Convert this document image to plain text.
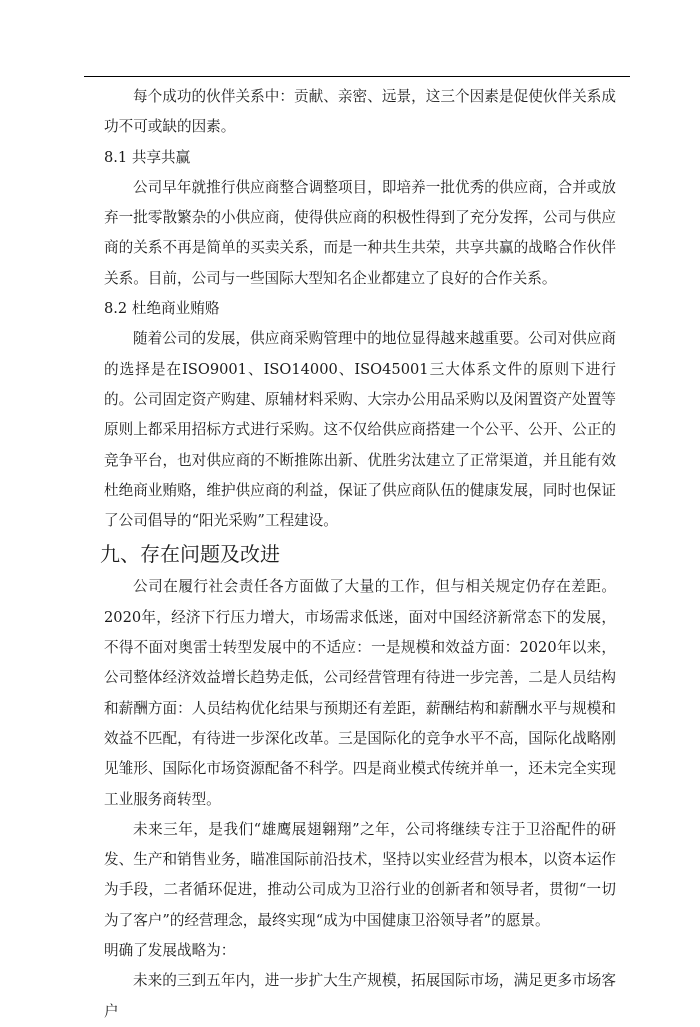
每个成功的伙伴关系中：贡献、亲密、远景，这三个因素是促使伙伴关系成功不可或缺的因素。

8.1 共享共赢

公司早年就推行供应商整合调整项目，即培养一批优秀的供应商，合并或放弃一批零散繁杂的小供应商，使得供应商的积极性得到了充分发挥，公司与供应商的关系不再是简单的买卖关系，而是一种共生共荣，共享共赢的战略合作伙伴关系。目前，公司与一些国际大型知名企业都建立了良好的合作关系。

8.2 杜绝商业贿赂

随着公司的发展，供应商采购管理中的地位显得越来越重要。公司对供应商的选择是在ISO9001、ISO14000、ISO45001三大体系文件的原则下进行的。公司固定资产购建、原辅材料采购、大宗办公用品采购以及闲置资产处置等原则上都采用招标方式进行采购。这不仅给供应商搭建一个公平、公开、公正的竞争平台，也对供应商的不断推陈出新、优胜劣汰建立了正常渠道，并且能有效杜绝商业贿赂，维护供应商的利益，保证了供应商队伍的健康发展，同时也保证了公司倡导的“阳光采购”工程建设。

九、存在问题及改进

公司在履行社会责任各方面做了大量的工作，但与相关规定仍存在差距。2020年，经济下行压力增大，市场需求低迷，面对中国经济新常态下的发展，不得不面对奥雷士转型发展中的不适应：一是规模和效益方面：2020年以来，公司整体经济效益增长趋势走低，公司经营管理有待进一步完善，二是人员结构和薪酬方面：人员结构优化结果与预期还有差距，薪酬结构和薪酬水平与规模和效益不匹配，有待进一步深化改革。三是国际化的竞争水平不高，国际化战略刚见雏形、国际化市场资源配备不科学。四是商业模式传统并单一，还未完全实现工业服务商转型。

未来三年，是我们“雄鹰展翅翱翔”之年，公司将继续专注于卫浴配件的研发、生产和销售业务，瞄准国际前沿技术，坚持以实业经营为根本，以资本运作为手段，二者循环促进，推动公司成为卫浴行业的创新者和领导者，贯彻“一切为了客户”的经营理念，最终实现“成为中国健康卫浴领导者”的愿景。

明确了发展战略为：

未来的三到五年内，进一步扩大生产规模，拓展国际市场，满足更多市场客户
